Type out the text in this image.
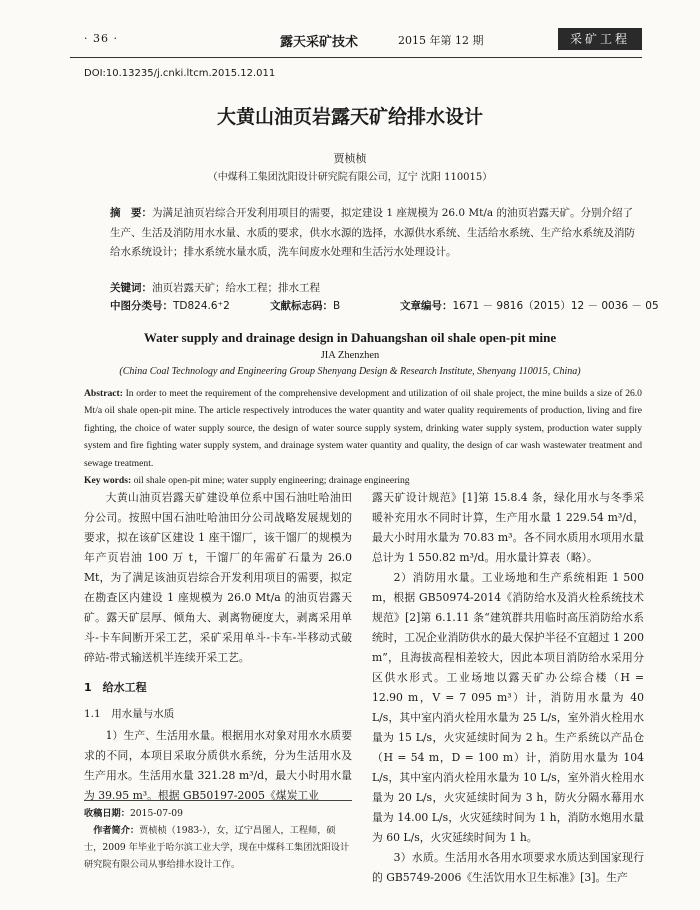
· 36 ·	露天采矿技术	2015 年第 12 期	采矿工程
DOI:10.13235/j.cnki.ltcm.2015.12.011
大黄山油页岩露天矿给排水设计
贾桢桢
（中煤科工集团沈阳设计研究院有限公司，辽宁 沈阳 110015）
摘　要：为满足油页岩综合开发利用项目的需要，拟定建设 1 座规模为 26.0 Mt/a 的油页岩露天矿。分别介绍了生产、生活及消防用水水量、水质的要求，供水水源的选择，水源供水系统、生活给水系统、生产给水系统及消防给水系统设计；排水系统水量水质，洗车间废水处理和生活污水处理设计。
关键词：油页岩露天矿；给水工程；排水工程
中图分类号：TD824.6⁺2	文献标志码：B	文章编号：1671 － 9816（2015）12 － 0036 － 05
Water supply and drainage design in Dahuangshan oil shale open-pit mine
JIA Zhenzhen
(China Coal Technology and Engineering Group Shenyang Design & Research Institute, Shenyang 110015, China)
Abstract: In order to meet the requirement of the comprehensive development and utilization of oil shale project, the mine builds a size of 26.0 Mt/a oil shale open-pit mine. The article respectively introduces the water quantity and water quality requirements of production, living and fire fighting, the choice of water supply source, the design of water source supply system, drinking water supply system, production water supply system and fire fighting water supply system, and drainage system water quantity and quality, the design of car wash wastewater treatment and sewage treatment.
Key words: oil shale open-pit mine; water supply engineering; drainage engineering

大黄山油页岩露天矿建设单位系中国石油吐哈油田分公司。按照中国石油吐哈油田分公司战略发展规划的要求，拟在该矿区建设 1 座干馏厂，该干馏厂的规模为年产页岩油 100 万 t，干馏厂的年需矿石量为 26.0 Mt，为了满足该油页岩综合开发利用项目的需要，拟定在勘查区内建设 1 座规模为 26.0 Mt/a 的油页岩露天矿。露天矿层厚、倾角大、剥离物硬度大，剥离采用单斗-卡车间断开采工艺，采矿采用单斗-卡车-半移动式破碎站-带式输送机半连续开采工艺。

1　给水工程
1.1　用水量与水质

1）生产、生活用水量。根据用水对象对用水水质要求的不同，本项目采取分质供水系统，分为生活用水及生产用水。生活用水量 321.28 m³/d，最大小时用水量为 39.95 m³。根据 GB50197-2005《煤炭工业

收稿日期：2015-07-09

作者简介：贾桢桢（1983-），女，辽宁昌图人，工程师，硕士，2009 年毕业于哈尔滨工业大学，现在中煤科工集团沈阳设计研究院有限公司从事给排水设计工作。

露天矿设计规范》[1]第 15.8.4 条，绿化用水与冬季采暖补充用水不同时计算，生产用水量 1 229.54 m³/d，最大小时用水量为 70.83 m³。各不同水质用水项用水量总计为 1 550.82 m³/d。用水量计算表（略）。

2）消防用水量。工业场地和生产系统相距 1 500 m，根据 GB50974-2014《消防给水及消火栓系统技术规范》[2]第 6.1.11 条“建筑群共用临时高压消防给水系统时，工况企业消防供水的最大保护半径不宜超过 1 200 m”，且海拔高程相差较大，因此本项目消防给水采用分区供水形式。工业场地以露天矿办公综合楼（H = 12.90 m，V = 7 095 m³）计，消防用水量为 40 L/s，其中室内消火栓用水量为 25 L/s，室外消火栓用水量为 15 L/s，火灾延续时间为 2 h。生产系统以产品仓（H = 54 m，D = 100 m）计，消防用水量为 104 L/s，其中室内消火栓用水量为 10 L/s，室外消火栓用水量为 20 L/s，火灾延续时间为 3 h，防火分隔水幕用水量为 14.00 L/s，火灾延续时间为 1 h，消防水炮用水量为 60 L/s，火灾延续时间为 1 h。

3）水质。生活用水各用水项要求水质达到国家现行的 GB5749-2006《生活饮用水卫生标准》[3]。生产
